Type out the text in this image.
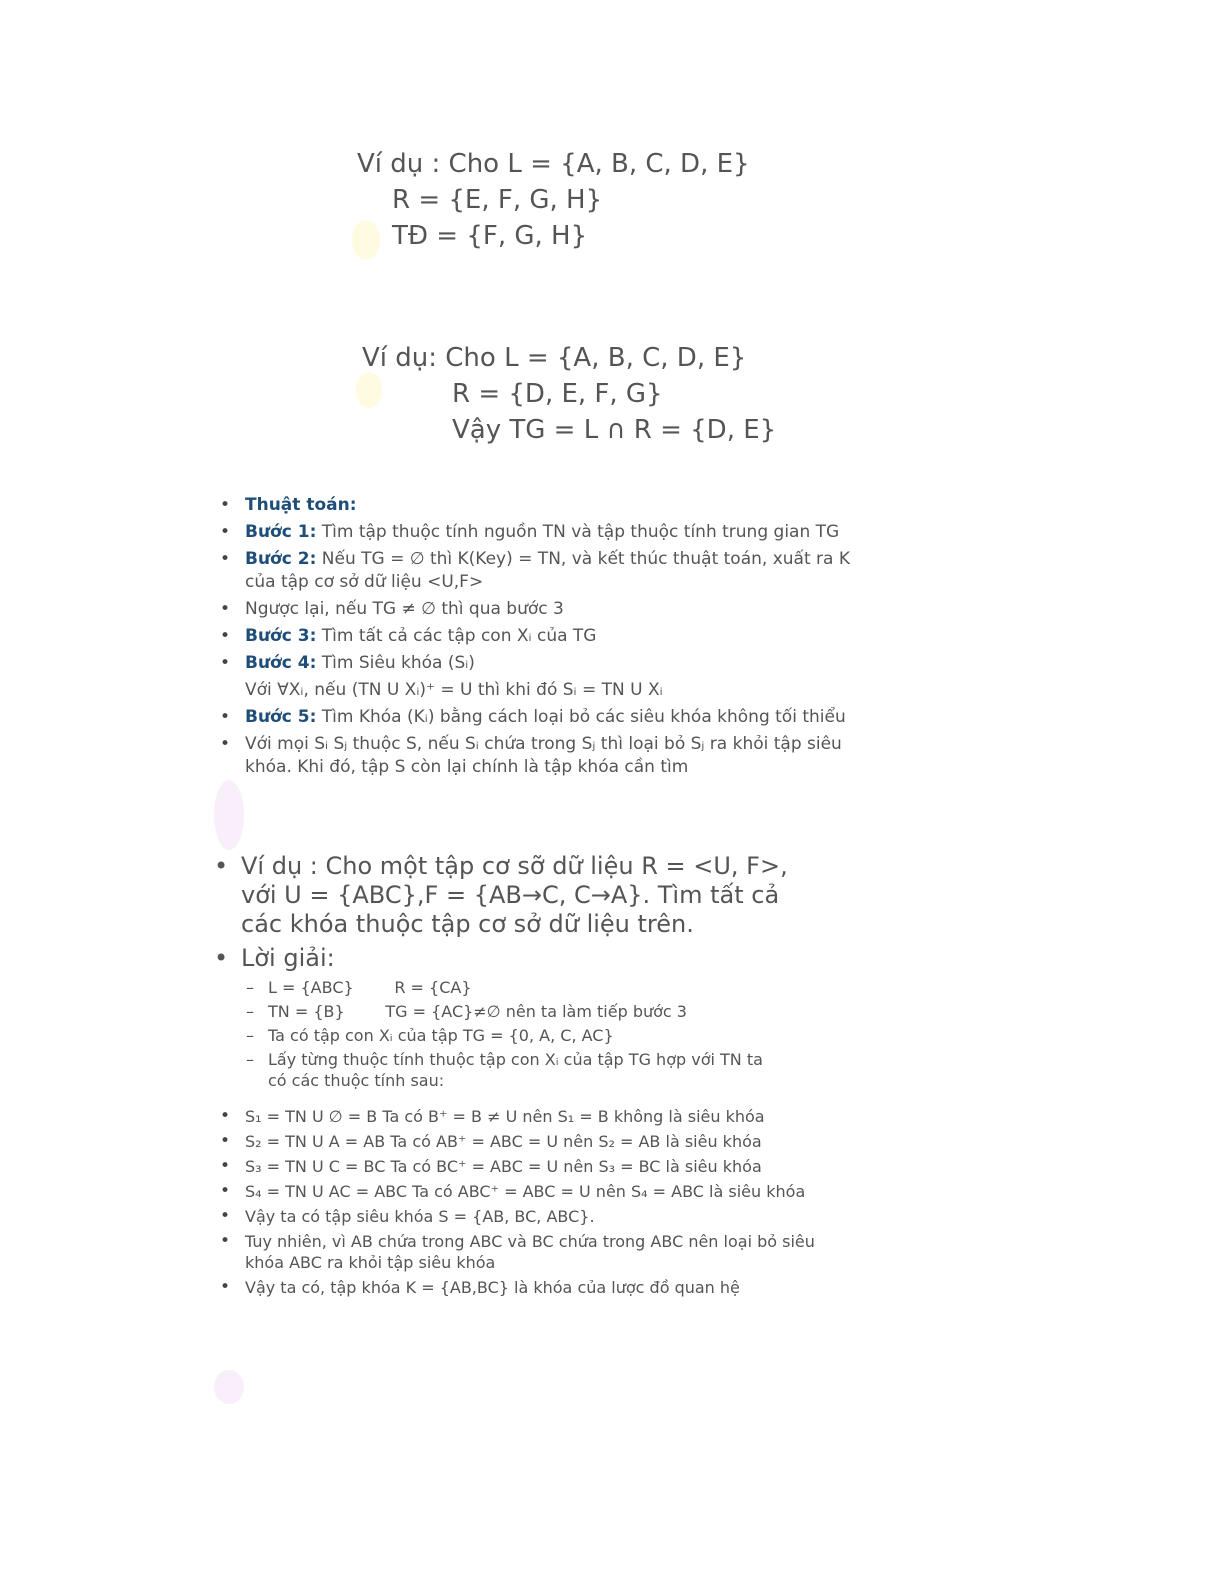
Ví dụ : Cho L = {A, B, C, D, E}
R = {E, F, G, H}
TĐ = {F, G, H}
Ví dụ: Cho L = {A, B, C, D, E}
R = {D, E, F, G}
Vậy TG = L ∩ R = {D, E}
• Thuật toán:
• Bước 1: Tìm tập thuộc tính nguồn TN và tập thuộc tính trung gian TG
• Bước 2: Nếu TG = ∅ thì K(Key) = TN, và kết thúc thuật toán, xuất ra K của tập cơ sở dữ liệu <U,F>
• Ngược lại, nếu TG ≠ ∅ thì qua bước 3
• Bước 3: Tìm tất cả các tập con Xᵢ của TG
• Bước 4: Tìm Siêu khóa (Sᵢ)
Với ∀Xᵢ, nếu (TN U Xᵢ)⁺ = U thì khi đó Sᵢ = TN U Xᵢ
• Bước 5: Tìm Khóa (Kᵢ) bằng cách loại bỏ các siêu khóa không tối thiểu
• Với mọi Sᵢ Sⱼ thuộc S, nếu Sᵢ chứa trong Sⱼ thì loại bỏ Sⱼ ra khỏi tập siêu khóa. Khi đó, tập S còn lại chính là tập khóa cần tìm
• Ví dụ : Cho một tập cơ sỡ dữ liệu R = <U, F>, với U = {ABC},F = {AB→C, C→A}. Tìm tất cả các khóa thuộc tập cơ sở dữ liệu trên.
• Lời giải:
– L = {ABC}        R = {CA}
– TN = {B}        TG = {AC}≠∅ nên ta làm tiếp bước 3
– Ta có tập con Xᵢ của tập TG = {0, A, C, AC}
– Lấy từng thuộc tính thuộc tập con Xᵢ của tập TG hợp với TN ta có các thuộc tính sau:
• S₁ = TN U ∅ = B Ta có B⁺ = B ≠ U nên S₁ = B không là siêu khóa
• S₂ = TN U A = AB Ta có AB⁺ = ABC = U nên S₂ = AB là siêu khóa
• S₃ = TN U C = BC Ta có BC⁺ = ABC = U nên S₃ = BC là siêu khóa
• S₄ = TN U AC = ABC Ta có ABC⁺ = ABC = U nên S₄ = ABC là siêu khóa
• Vậy ta có tập siêu khóa S = {AB, BC, ABC}.
• Tuy nhiên, vì AB chứa trong ABC và BC chứa trong ABC nên loại bỏ siêu khóa ABC ra khỏi tập siêu khóa
• Vậy ta có, tập khóa K = {AB,BC} là khóa của lược đồ quan hệ
